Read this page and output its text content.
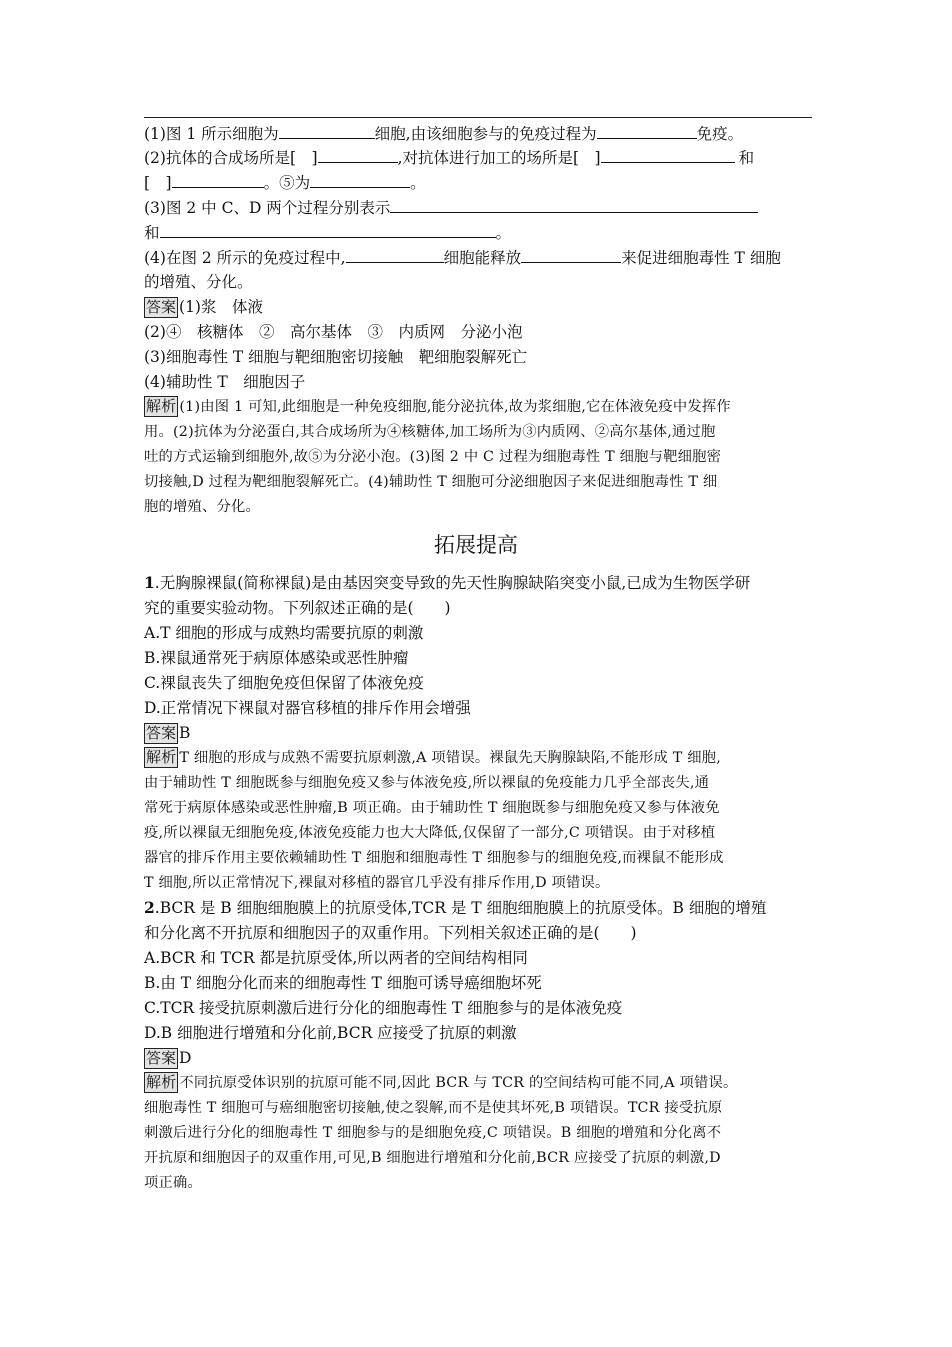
(1)图 1 所示细胞为	细胞,由该细胞参与的免疫过程为	免疫。
(2)抗体的合成场所是[　]	,对抗体进行加工的场所是[　]	和
[　]	。⑤为	。
(3)图 2 中 C、D 两个过程分别表示
和	。
(4)在图 2 所示的免疫过程中,	细胞能释放	来促进细胞毒性 T 细胞
的增殖、分化。
答案 (1)浆　体液
(2)④　核糖体　②　高尔基体　③　内质网　分泌小泡
(3)细胞毒性 T 细胞与靶细胞密切接触　靶细胞裂解死亡
(4)辅助性 T　细胞因子
解析 (1)由图 1 可知,此细胞是一种免疫细胞,能分泌抗体,故为浆细胞,它在体液免疫中发挥作
用。(2)抗体为分泌蛋白,其合成场所为④核糖体,加工场所为③内质网、②高尔基体,通过胞
吐的方式运输到细胞外,故⑤为分泌小泡。(3)图 2 中 C 过程为细胞毒性 T 细胞与靶细胞密
切接触,D 过程为靶细胞裂解死亡。(4)辅助性 T 细胞可分泌细胞因子来促进细胞毒性 T 细
胞的增殖、分化。
拓展提高
1.无胸腺裸鼠(简称裸鼠)是由基因突变导致的先天性胸腺缺陷突变小鼠,已成为生物医学研
究的重要实验动物。下列叙述正确的是(　　)
A.T 细胞的形成与成熟均需要抗原的刺激
B.裸鼠通常死于病原体感染或恶性肿瘤
C.裸鼠丧失了细胞免疫但保留了体液免疫
D.正常情况下裸鼠对器官移植的排斥作用会增强
答案 B
解析 T 细胞的形成与成熟不需要抗原刺激,A 项错误。裸鼠先天胸腺缺陷,不能形成 T 细胞,
由于辅助性 T 细胞既参与细胞免疫又参与体液免疫,所以裸鼠的免疫能力几乎全部丧失,通
常死于病原体感染或恶性肿瘤,B 项正确。由于辅助性 T 细胞既参与细胞免疫又参与体液免
疫,所以裸鼠无细胞免疫,体液免疫能力也大大降低,仅保留了一部分,C 项错误。由于对移植
器官的排斥作用主要依赖辅助性 T 细胞和细胞毒性 T 细胞参与的细胞免疫,而裸鼠不能形成
T 细胞,所以正常情况下,裸鼠对移植的器官几乎没有排斥作用,D 项错误。
2.BCR 是 B 细胞细胞膜上的抗原受体,TCR 是 T 细胞细胞膜上的抗原受体。B 细胞的增殖
和分化离不开抗原和细胞因子的双重作用。下列相关叙述正确的是(　　)
A.BCR 和 TCR 都是抗原受体,所以两者的空间结构相同
B.由 T 细胞分化而来的细胞毒性 T 细胞可诱导癌细胞坏死
C.TCR 接受抗原刺激后进行分化的细胞毒性 T 细胞参与的是体液免疫
D.B 细胞进行增殖和分化前,BCR 应接受了抗原的刺激
答案 D
解析 不同抗原受体识别的抗原可能不同,因此 BCR 与 TCR 的空间结构可能不同,A 项错误。
细胞毒性 T 细胞可与癌细胞密切接触,使之裂解,而不是使其坏死,B 项错误。TCR 接受抗原
刺激后进行分化的细胞毒性 T 细胞参与的是细胞免疫,C 项错误。B 细胞的增殖和分化离不
开抗原和细胞因子的双重作用,可见,B 细胞进行增殖和分化前,BCR 应接受了抗原的刺激,D
项正确。
